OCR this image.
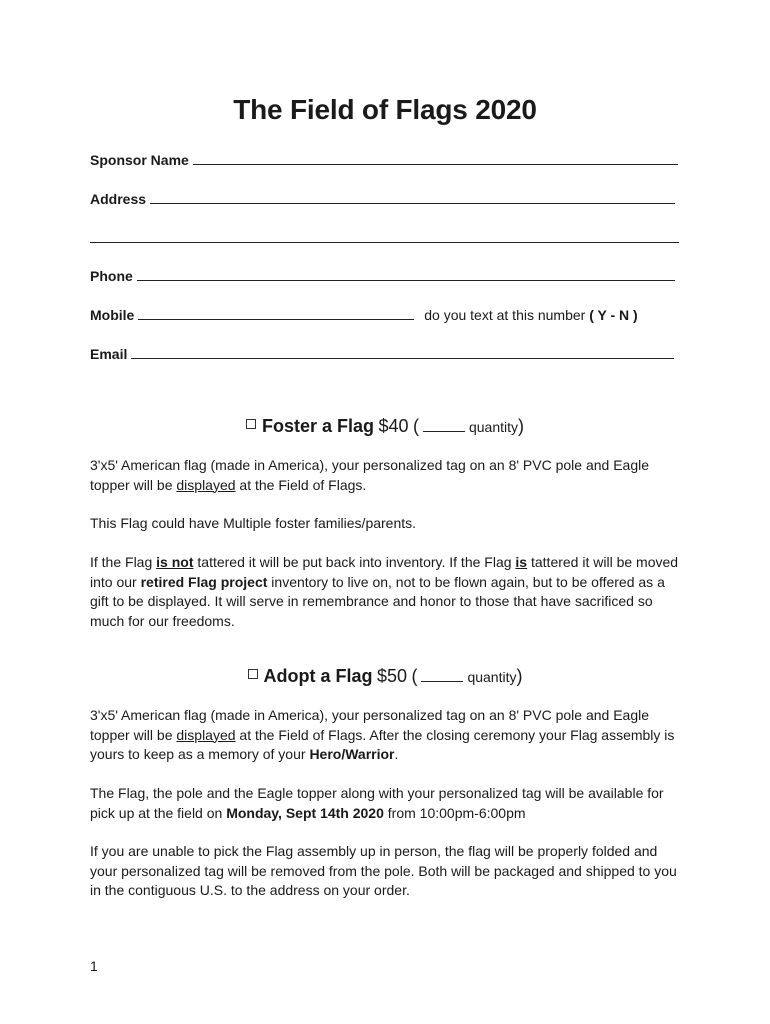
The Field of Flags 2020
Sponsor Name
Address
Phone
Mobile	do you text at this number ( Y - N )
Email
Foster a Flag $40 (	quantity)
3'x5' American flag (made in America), your personalized tag on an 8' PVC pole and Eagle topper will be displayed at the Field of Flags.
This Flag could have Multiple foster families/parents.
If the Flag is not tattered it will be put back into inventory. If the Flag is tattered it will be moved into our retired Flag project inventory to live on, not to be flown again, but to be offered as a gift to be displayed. It will serve in remembrance and honor to those that have sacrificed so much for our freedoms.
Adopt a Flag $50 (	quantity)
3'x5' American flag (made in America), your personalized tag on an 8' PVC pole and Eagle topper will be displayed at the Field of Flags. After the closing ceremony your Flag assembly is yours to keep as a memory of your Hero/Warrior.
The Flag, the pole and the Eagle topper along with your personalized tag will be available for pick up at the field on Monday, Sept 14th 2020 from 10:00pm-6:00pm
If you are unable to pick the Flag assembly up in person, the flag will be properly folded and your personalized tag will be removed from the pole. Both will be packaged and shipped to you in the contiguous U.S. to the address on your order.
1
